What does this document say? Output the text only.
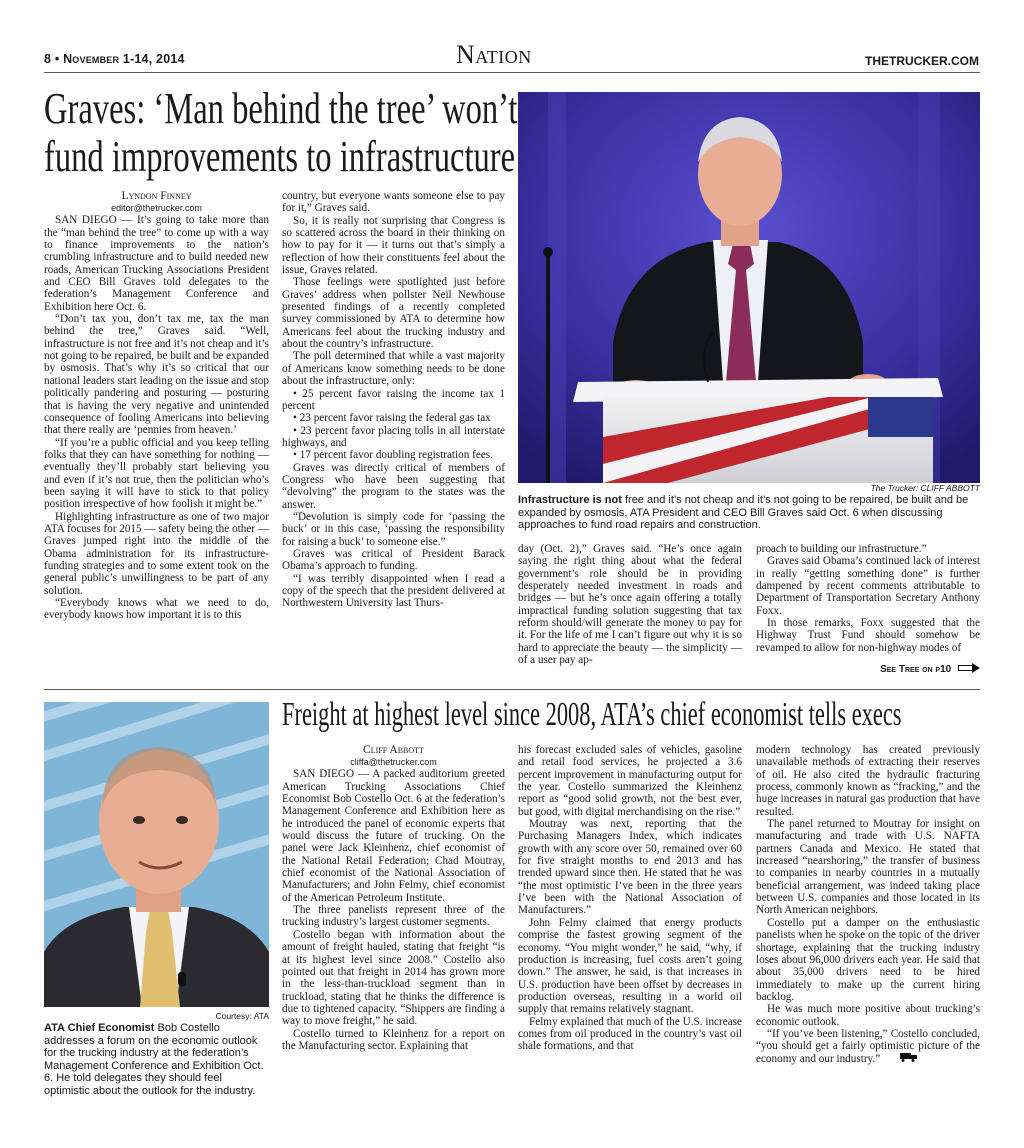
8 • November 1-14, 2014	Nation	THETRUCKER.COM
Graves: ‘Man behind the tree’ won’t
fund improvements to infrastructure

Lyndon Finney

editor@thetrucker.com

SAN DIEGO — It’s going to take more than the “man behind the tree” to come up with a way to finance improvements to the nation’s crumbling infrastructure and to build needed new roads, American Trucking Associations President and CEO Bill Graves told delegates to the federation’s Management Conference and Exhibition here Oct. 6.

“Don’t tax you, don’t tax me, tax the man behind the tree,” Graves said. “Well, infrastructure is not free and it’s not cheap and it’s not going to be repaired, be built and be expanded by osmosis. That’s why it’s so critical that our national leaders start leading on the issue and stop politically pandering and posturing — posturing that is having the very negative and unintended consequence of fooling Americans into believing that there really are ‘pennies from heaven.’

“If you’re a public official and you keep telling folks that they can have something for nothing — eventually they’ll probably start believing you and even if it’s not true, then the politician who’s been saying it will have to stick to that policy position irrespective of how foolish it might be.”

Highlighting infrastructure as one of two major ATA focuses for 2015 — safety being the other — Graves jumped right into the middle of the Obama administration for its infrastructure-funding strategies and to some extent took on the general public’s unwillingness to be part of any solution.

“Everybody knows what we need to do, everybody knows how important it is to this

country, but everyone wants someone else to pay for it,” Graves said.

So, it is really not surprising that Congress is so scattered across the board in their thinking on how to pay for it — it turns out that’s simply a reflection of how their constituents feel about the issue, Graves related.

Those feelings were spotlighted just before Graves’ address when pollster Neil Newhouse presented findings of a recently completed survey commissioned by ATA to determine how Americans feel about the trucking industry and about the country’s infrastructure.

The poll determined that while a vast majority of Americans know something needs to be done about the infrastructure, only:

• 25 percent favor raising the income tax 1 percent

• 23 percent favor raising the federal gas tax

• 23 percent favor placing tolls in all interstate highways, and

• 17 percent favor doubling registration fees.

Graves was directly critical of members of Congress who have been suggesting that “devolving” the program to the states was the answer.

“Devolution is simply code for ‘passing the buck’ or in this case, ‘passing the responsibility for raising a buck’ to someone else.”

Graves was critical of President Barack Obama’s approach to funding.

“I was terribly disappointed when I read a copy of the speech that the president delivered at Northwestern University last Thurs-

The Trucker: CLIFF ABBOTT
Infrastructure is not free and it’s not cheap and it’s not going to be repaired, be built and be expanded by osmosis, ATA President and CEO Bill Graves said Oct. 6 when discussing approaches to fund road repairs and construction.

day (Oct. 2),” Graves said. “He’s once again saying the right thing about what the federal government’s role should be in providing desperately needed investment in roads and bridges — but he’s once again offering a totally impractical funding solution suggesting that tax reform should/will generate the money to pay for it. For the life of me I can’t figure out why it is so hard to appreciate the beauty — the simplicity — of a user pay ap-

proach to building our infrastructure.”

Graves said Obama’s continued lack of interest in really “getting something done” is further dampened by recent comments attributable to Department of Transportation Secretary Anthony Foxx.

In those remarks, Foxx suggested that the Highway Trust Fund should somehow be revamped to allow for non-highway modes of

See Tree on p10
Courtesy: ATA
ATA Chief Economist Bob Costello addresses a forum on the economic outlook for the trucking industry at the federation’s Management Conference and Exhibition Oct. 6. He told delegates they should feel optimistic about the outlook for the industry.
Freight at highest level since 2008, ATA’s chief economist tells execs

Cliff Abbott

cliffa@thetrucker.com

SAN DIEGO — A packed auditorium greeted American Trucking Associations Chief Economist Bob Costello Oct. 6 at the federation’s Management Conference and Exhibition here as he introduced the panel of economic experts that would discuss the future of trucking. On the panel were Jack Kleinhenz, chief economist of the National Retail Federation; Chad Moutray, chief economist of the National Association of Manufacturers; and John Felmy, chief economist of the American Petroleum Institute.

The three panelists represent three of the trucking industry’s largest customer segments.

Costello began with information about the amount of freight hauled, stating that freight “is at its highest level since 2008.” Costello also pointed out that freight in 2014 has grown more in the less-than-truckload segment than in truckload, stating that he thinks the difference is due to tightened capacity. “Shippers are finding a way to move freight,” he said.

Costello turned to Kleinhenz for a report on the Manufacturing sector. Explaining that

his forecast excluded sales of vehicles, gasoline and retail food services, he projected a 3.6 percent improvement in manufacturing output for the year. Costello summarized the Kleinhenz report as “good solid growth, not the best ever, but good, with digital merchandising on the rise.”

Moutray was next, reporting that the Purchasing Managers Index, which indicates growth with any score over 50, remained over 60 for five straight months to end 2013 and has trended upward since then. He stated that he was “the most optimistic I’ve been in the three years I’ve been with the National Association of Manufacturers.”

John Felmy claimed that energy products comprise the fastest growing segment of the economy. “You might wonder,” he said, “why, if production is increasing, fuel costs aren’t going down.” The answer, he said, is that increases in U.S. production have been offset by decreases in production overseas, resulting in a world oil supply that remains relatively stagnant.

Felmy explained that much of the U.S. increase comes from oil produced in the country’s vast oil shale formations, and that

modern technology has created previously unavailable methods of extracting their reserves of oil. He also cited the hydraulic fracturing process, commonly known as “fracking,” and the huge increases in natural gas production that have resulted.

The panel returned to Moutray for insight on manufacturing and trade with U.S. NAFTA partners Canada and Mexico. He stated that increased “nearshoring,” the transfer of business to companies in nearby countries in a mutually beneficial arrangement, was indeed taking place between U.S. companies and those located in its North American neighbors.

Costello put a damper on the enthusiastic panelists when he spoke on the topic of the driver shortage, explaining that the trucking industry loses about 96,000 drivers each year. He said that about 35,000 drivers need to be hired immediately to make up the current hiring backlog.

He was much more positive about trucking’s economic outlook.

“If you’ve been listening,” Costello concluded, “you should get a fairly optimistic picture of the economy and our industry.”
